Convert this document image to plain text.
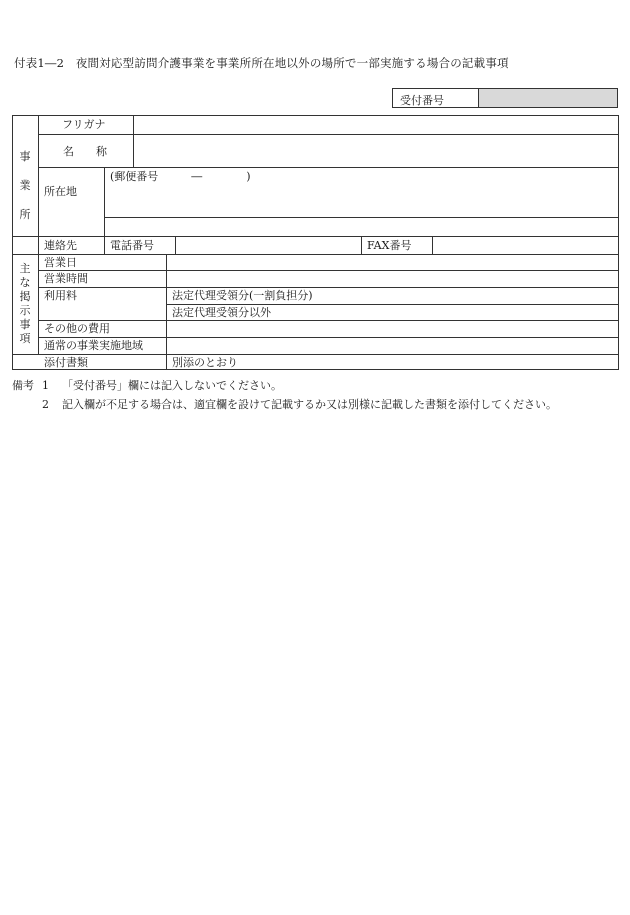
付表1―2　夜間対応型訪問介護事業を事業所所在地以外の場所で一部実施する場合の記載事項
受付番号
事
業
所
フリガナ
名　　称
所在地
(郵便番号　　　―　　　　)
連絡先	電話番号	FAX番号
主
な
掲
示
事
項
営業日
営業時間
利用料	法定代理受領分(一割負担分)
法定代理受領分以外
その他の費用
通常の事業実施地域
添付書類	別添のとおり
備考 1	「受付番号」欄には記入しないでください。
2	記入欄が不足する場合は、適宜欄を設けて記載するか又は別様に記載した書類を添付してください。
